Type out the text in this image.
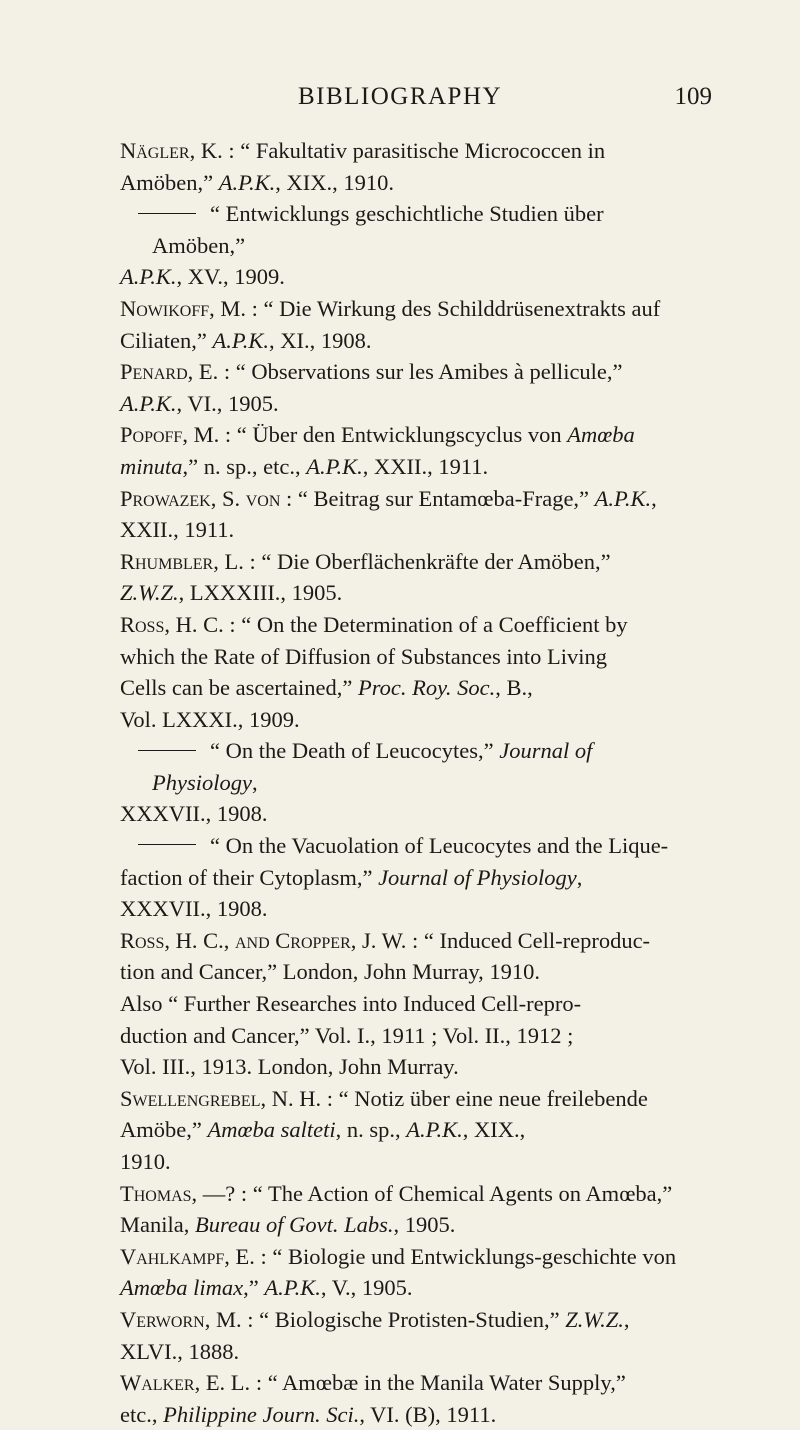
BIBLIOGRAPHY	109

Nägler, K. : “ Fakultativ parasitische Micrococcen in
Amöben,” A.P.K., XIX., 1910.

“ Entwicklungs geschichtliche Studien über Amöben,”
A.P.K., XV., 1909.

Nowikoff, M. : “ Die Wirkung des Schilddrüsenextrakts auf
Ciliaten,” A.P.K., XI., 1908.

Penard, E. : “ Observations sur les Amibes à pellicule,”
A.P.K., VI., 1905.

Popoff, M. : “ Über den Entwicklungscyclus von Amœba
minuta,” n. sp., etc., A.P.K., XXII., 1911.

Prowazek, S. von : “ Beitrag sur Entamœba-Frage,” A.P.K.,
XXII., 1911.

Rhumbler, L. : “ Die Oberflächenkräfte der Amöben,”
Z.W.Z., LXXXIII., 1905.

Ross, H. C. : “ On the Determination of a Coefficient by
which the Rate of Diffusion of Substances into Living
Cells can be ascertained,” Proc. Roy. Soc., B.,
Vol. LXXXI., 1909.

“ On the Death of Leucocytes,” Journal of Physiology,
XXXVII., 1908.

“ On the Vacuolation of Leucocytes and the Lique-
faction of their Cytoplasm,” Journal of Physiology,
XXXVII., 1908.

Ross, H. C., and Cropper, J. W. : “ Induced Cell-reproduc-
tion and Cancer,” London, John Murray, 1910.
Also “ Further Researches into Induced Cell-repro-
duction and Cancer,” Vol. I., 1911 ; Vol. II., 1912 ;
Vol. III., 1913. London, John Murray.

Swellengrebel, N. H. : “ Notiz über eine neue freilebende
Amöbe,” Amœba salteti, n. sp., A.P.K., XIX.,
1910.

Thomas, —? : “ The Action of Chemical Agents on Amœba,”
Manila, Bureau of Govt. Labs., 1905.

Vahlkampf, E. : “ Biologie und Entwicklungs-geschichte von
Amœba limax,” A.P.K., V., 1905.

Verworn, M. : “ Biologische Protisten-Studien,” Z.W.Z.,
XLVI., 1888.

Walker, E. L. : “ Amœbæ in the Manila Water Supply,”
etc., Philippine Journ. Sci., VI. (B), 1911.
